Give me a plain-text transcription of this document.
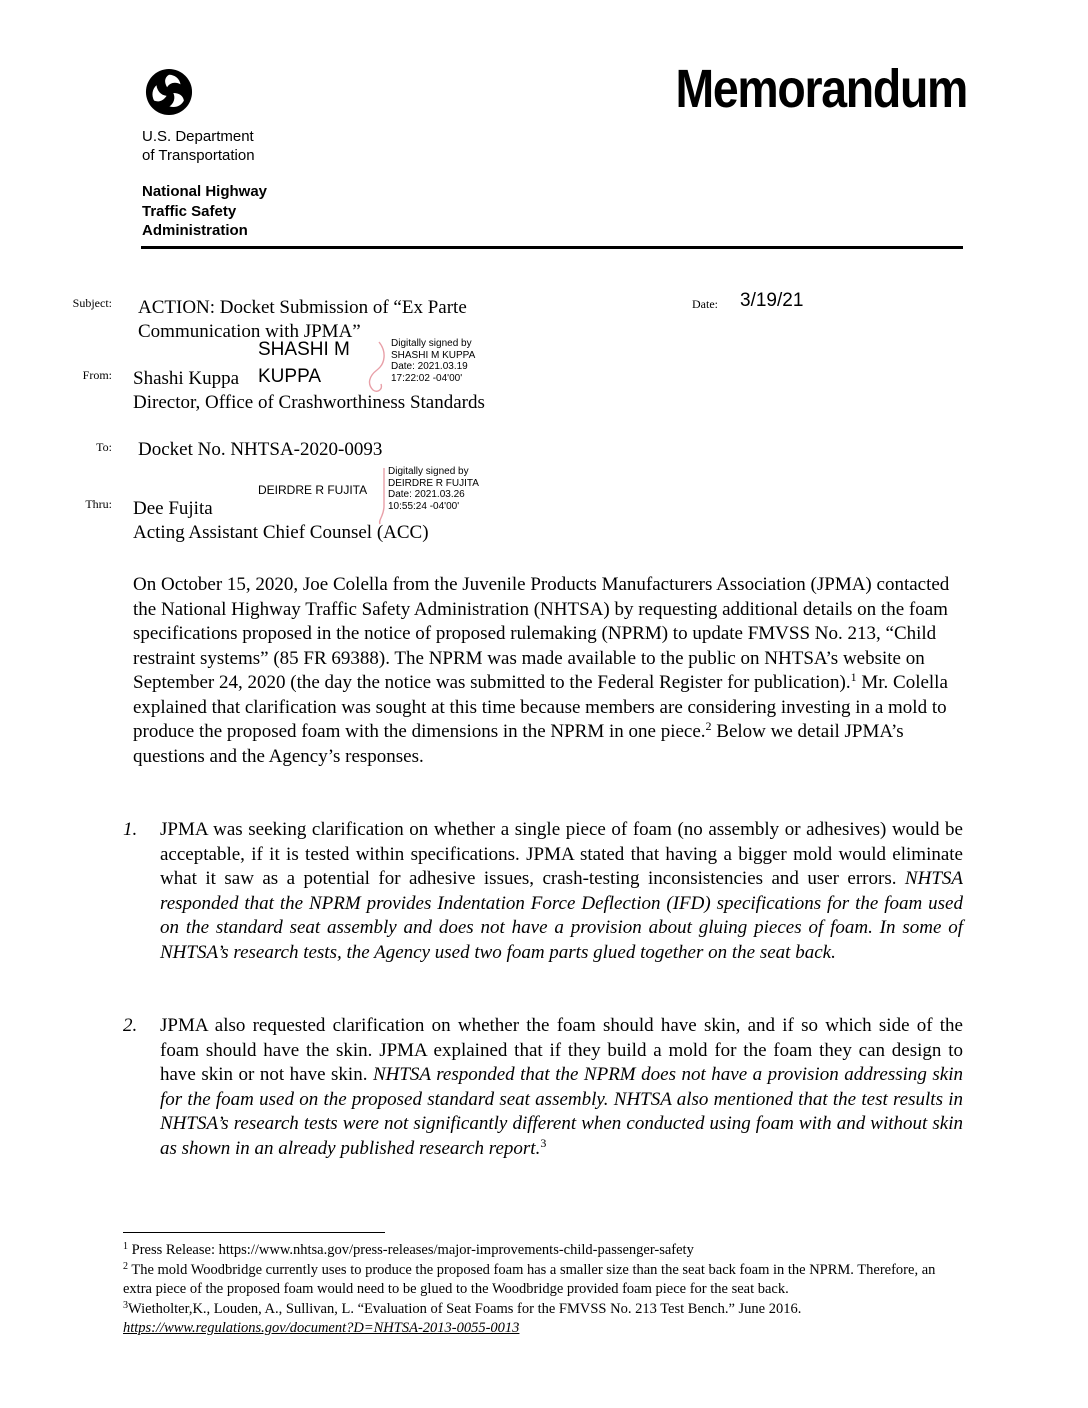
U.S. Department
of Transportation
National Highway
Traffic Safety
Administration
Memorandum
Subject: ACTION: Docket Submission of “Ex Parte
Communication with JPMA”
Date: 3/19/21
SHASHI M
KUPPA
Digitally signed by
SHASHI M KUPPA
Date: 2021.03.19
17:22:02 -04'00'
From: Shashi Kuppa
Director, Office of Crashworthiness Standards
To: Docket No. NHTSA-2020-0093
DEIRDRE R FUJITA
Digitally signed by
DEIRDRE R FUJITA
Date: 2021.03.26
10:55:24 -04'00'
Thru: Dee Fujita
Acting Assistant Chief Counsel (ACC)

On October 15, 2020, Joe Colella from the Juvenile Products Manufacturers Association (JPMA) contacted the National Highway Traffic Safety Administration (NHTSA) by requesting additional details on the foam specifications proposed in the notice of proposed rulemaking (NPRM) to update FMVSS No. 213, “Child restraint systems” (85 FR 69388). The NPRM was made available to the public on NHTSA’s website on September 24, 2020 (the day the notice was submitted to the Federal Register for publication).$^1$ Mr. Colella explained that clarification was sought at this time because members are considering investing in a mold to produce the proposed foam with the dimensions in the NPRM in one piece.$^2$ Below we detail JPMA’s questions and the Agency’s responses.

1. JPMA was seeking clarification on whether a single piece of foam (no assembly or adhesives) would be acceptable, if it is tested within specifications. JPMA stated that having a bigger mold would eliminate what it saw as a potential for adhesive issues, crash-testing inconsistencies and user errors. NHTSA responded that the NPRM provides Indentation Force Deflection (IFD) specifications for the foam used on the standard seat assembly and does not have a provision about gluing pieces of foam. In some of NHTSA’s research tests, the Agency used two foam parts glued together on the seat back.
2. JPMA also requested clarification on whether the foam should have skin, and if so which side of the foam should have the skin. JPMA explained that if they build a mold for the foam they can design to have skin or not have skin. NHTSA responded that the NPRM does not have a provision addressing skin for the foam used on the proposed standard seat assembly. NHTSA also mentioned that the test results in NHTSA’s research tests were not significantly different when conducted using foam with and without skin as shown in an already published research report.$^3$

$^1$ Press Release: https://www.nhtsa.gov/press-releases/major-improvements-child-passenger-safety

$^2$ The mold Woodbridge currently uses to produce the proposed foam has a smaller size than the seat back foam in the NPRM. Therefore, an extra piece of the proposed foam would need to be glued to the Woodbridge provided foam piece for the seat back.

$^3$Wietholter,K., Louden, A., Sullivan, L. “Evaluation of Seat Foams for the FMVSS No. 213 Test Bench.” June 2016. https://www.regulations.gov/document?D=NHTSA-2013-0055-0013
